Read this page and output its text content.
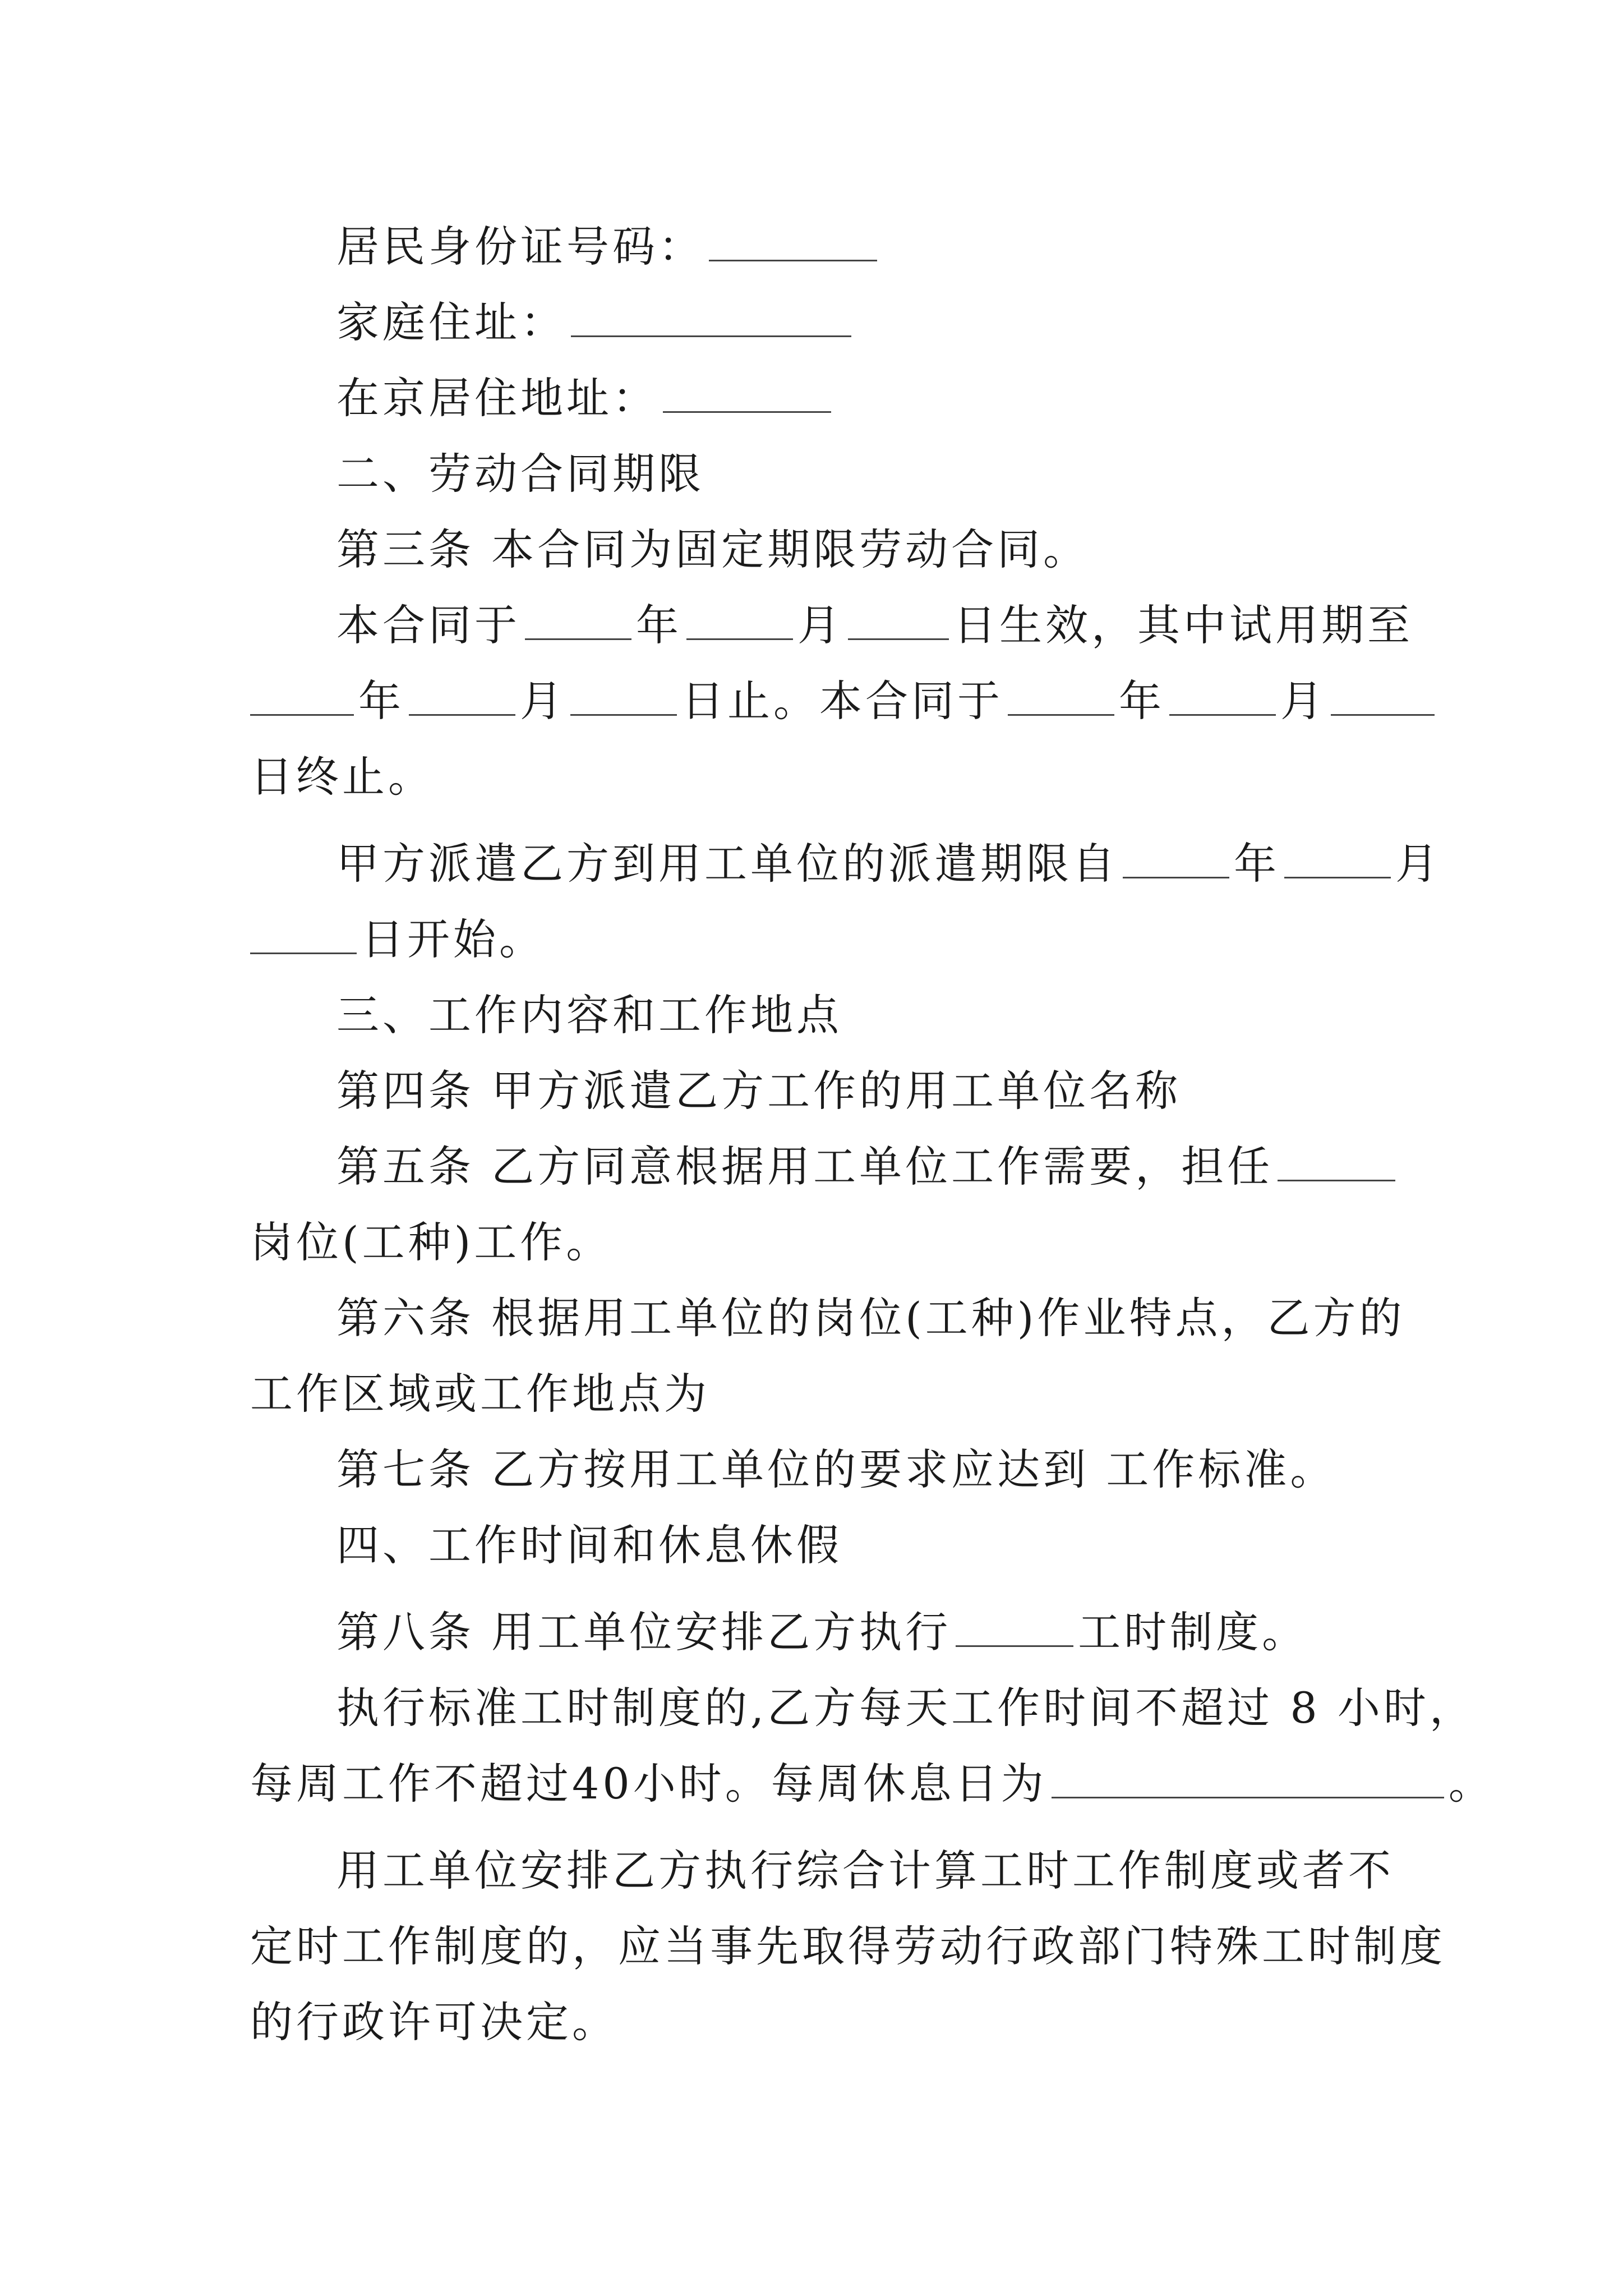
居民身份证号码：
家庭住址：
在京居住地址：
二、劳动合同期限
第三条 本合同为固定期限劳动合同。
本合同于	年	月	日生效，其中试用期至
年	月	日止。本合同于	年	月
日终止。
甲方派遣乙方到用工单位的派遣期限自	年	月
日开始。
三、工作内容和工作地点
第四条 甲方派遣乙方工作的用工单位名称
第五条 乙方同意根据用工单位工作需要，担任
岗位(工种)工作。
第六条 根据用工单位的岗位(工种)作业特点，乙方的
工作区域或工作地点为
第七条 乙方按用工单位的要求应达到 工作标准。
四、工作时间和休息休假
第八条 用工单位安排乙方执行	工时制度。
执行标准工时制度的,乙方每天工作时间不超过 8 小时，
每周工作不超过40小时。每周休息日为	。
用工单位安排乙方执行综合计算工时工作制度或者不
定时工作制度的，应当事先取得劳动行政部门特殊工时制度
的行政许可决定。
